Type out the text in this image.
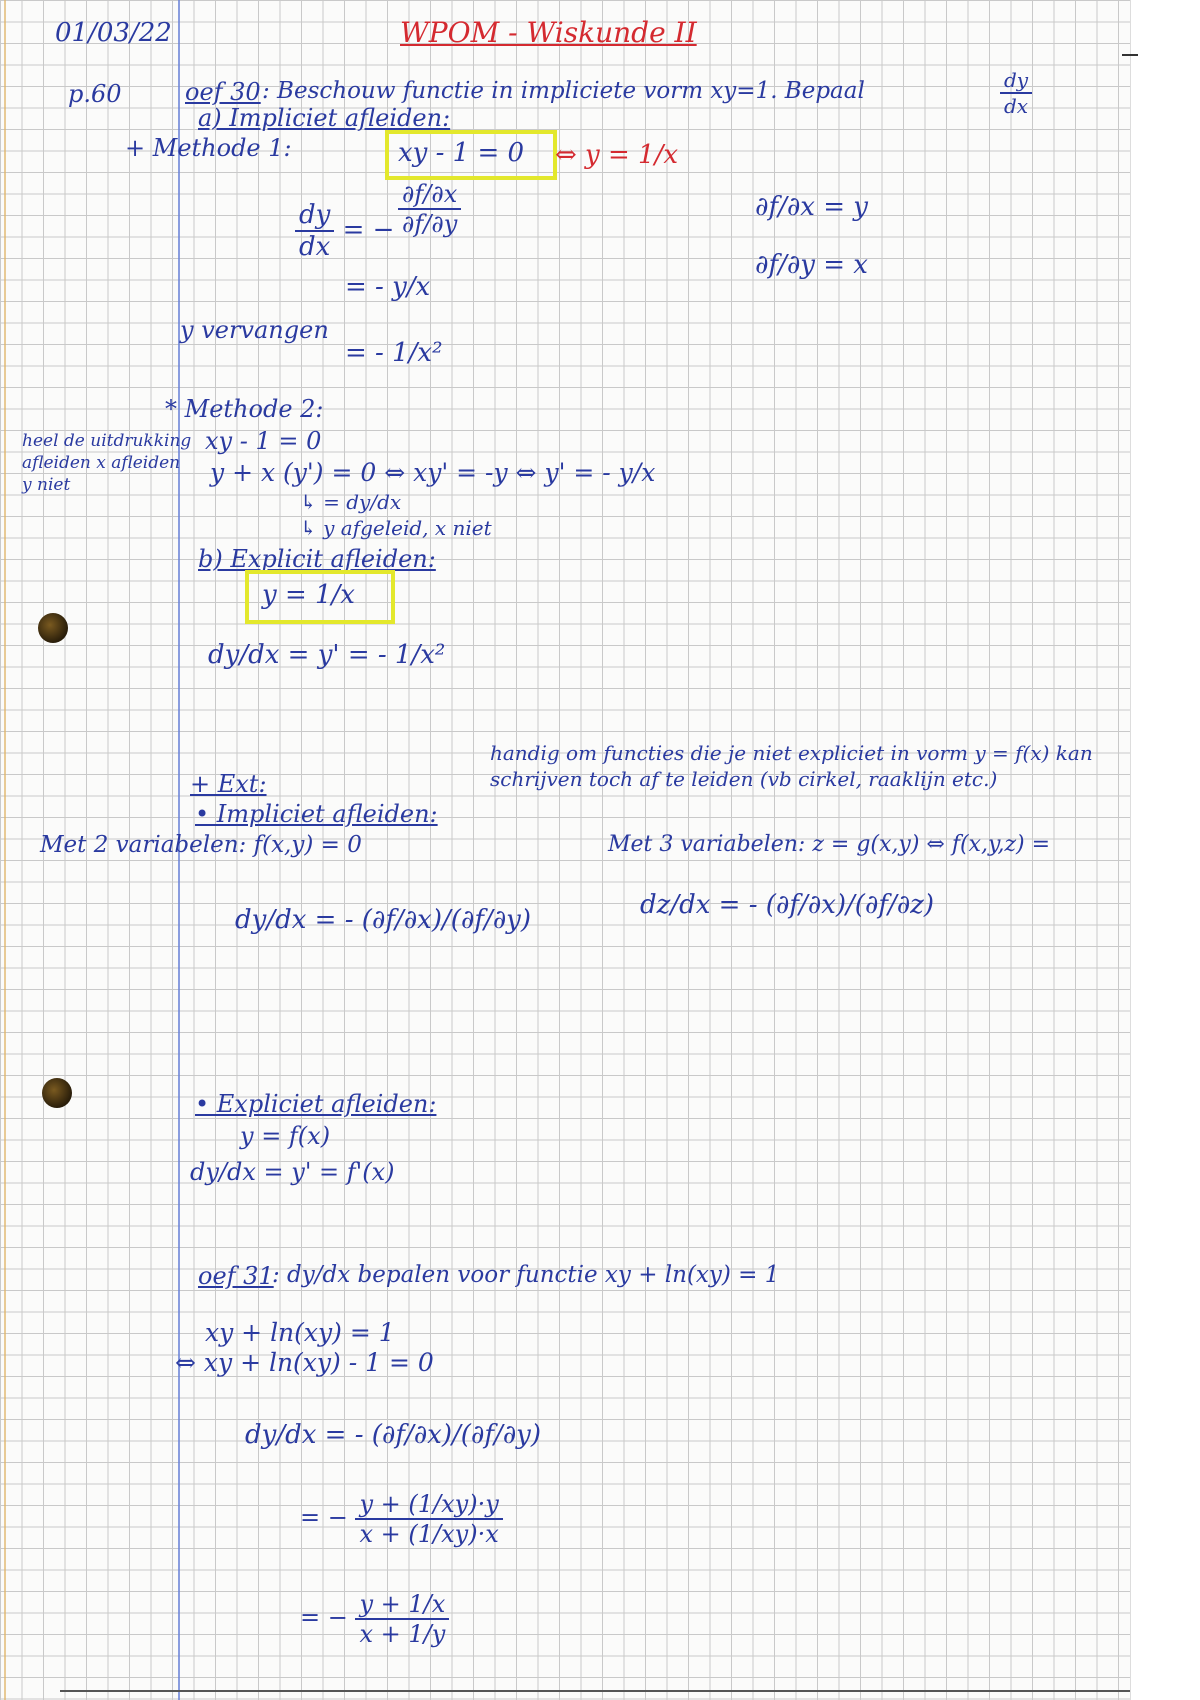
01/03/22	WPOM - Wiskunde II
p.60	oef 30 : Beschouw functie in impliciete vorm xy=1. Bepaal	$\frac{dy}{dx}$
a) Impliciet afleiden:
+ Methode 1:	xy - 1 = 0 ⇔ y = 1/x
$\frac{dy}{dx}$ = − $\frac{\partial f/\partial x}{\partial f/\partial y}$
= - y/x
y vervangen
= - 1/x²
∂f/∂x = y
∂f/∂y = x
* Methode 2:
xy - 1 = 0
y + x (y') = 0 ⇔ xy' = -y ⇔ y' = - y/x
↳ = dy/dx
↳ y afgeleid, x niet
heel de uitdrukking afleiden x afleiden y niet
b) Explicit afleiden:
y = 1/x
dy/dx = y' = - 1/x²
+ Ext:
• Impliciet afleiden:
handig om functies die je niet expliciet in vorm y = f(x) kan schrijven toch af te leiden (vb cirkel, raaklijn etc.)
Met 2 variabelen: f(x,y) = 0	Met 3 variabelen: z = g(x,y) ⇔ f(x,y,z) =
dy/dx = - (∂f/∂x)/(∂f/∂y)	dz/dx = - (∂f/∂x)/(∂f/∂z)
• Expliciet afleiden:
y = f(x)
dy/dx = y' = f'(x)
oef 31
: dy/dx bepalen voor functie xy + ln(xy) = 1
xy + ln(xy) = 1
⇔ xy + ln(xy) - 1 = 0
dy/dx = - (∂f/∂x)/(∂f/∂y)
= − $\frac{y + (1/xy)\cdot y}{x + (1/xy)\cdot x}$
= − $\frac{y + 1/x}{x + 1/y}$
